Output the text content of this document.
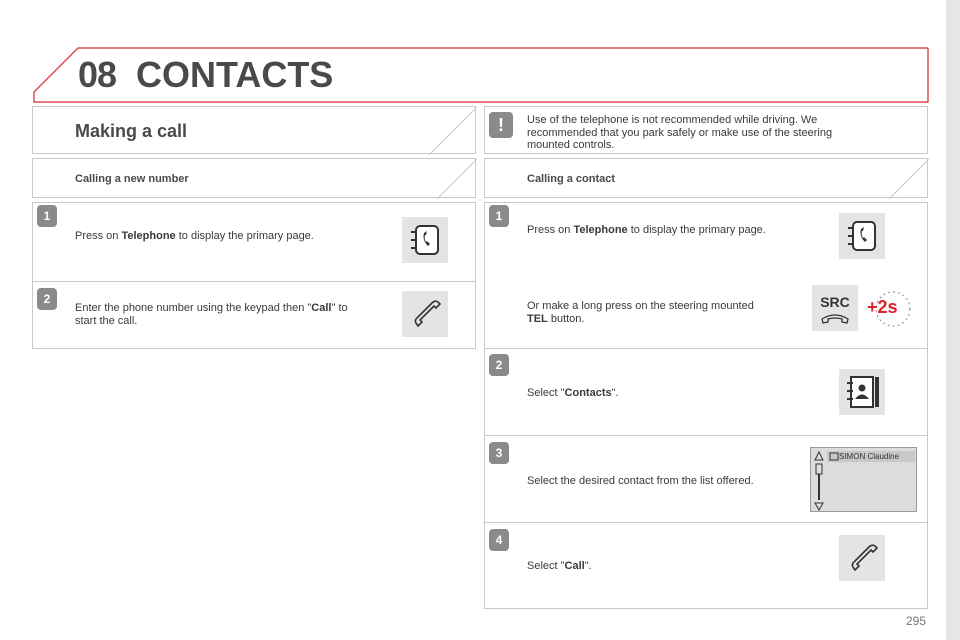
08 CONTACTS
Making a call
Calling a new number
1
Press on Telephone to display the primary page.
2
Enter the phone number using the keypad then "Call" to start the call.
!	Use of the telephone is not recommended while driving. We recommended that you park safely or make use of the steering mounted controls.
Calling a contact
1
Press on Telephone to display the primary page.
Or make a long press on the steering mounted TEL button.
SRC +2s
2
Select "Contacts".
3
Select the desired contact from the list offered.
SIMON Claudine
4
Select "Call".
295
